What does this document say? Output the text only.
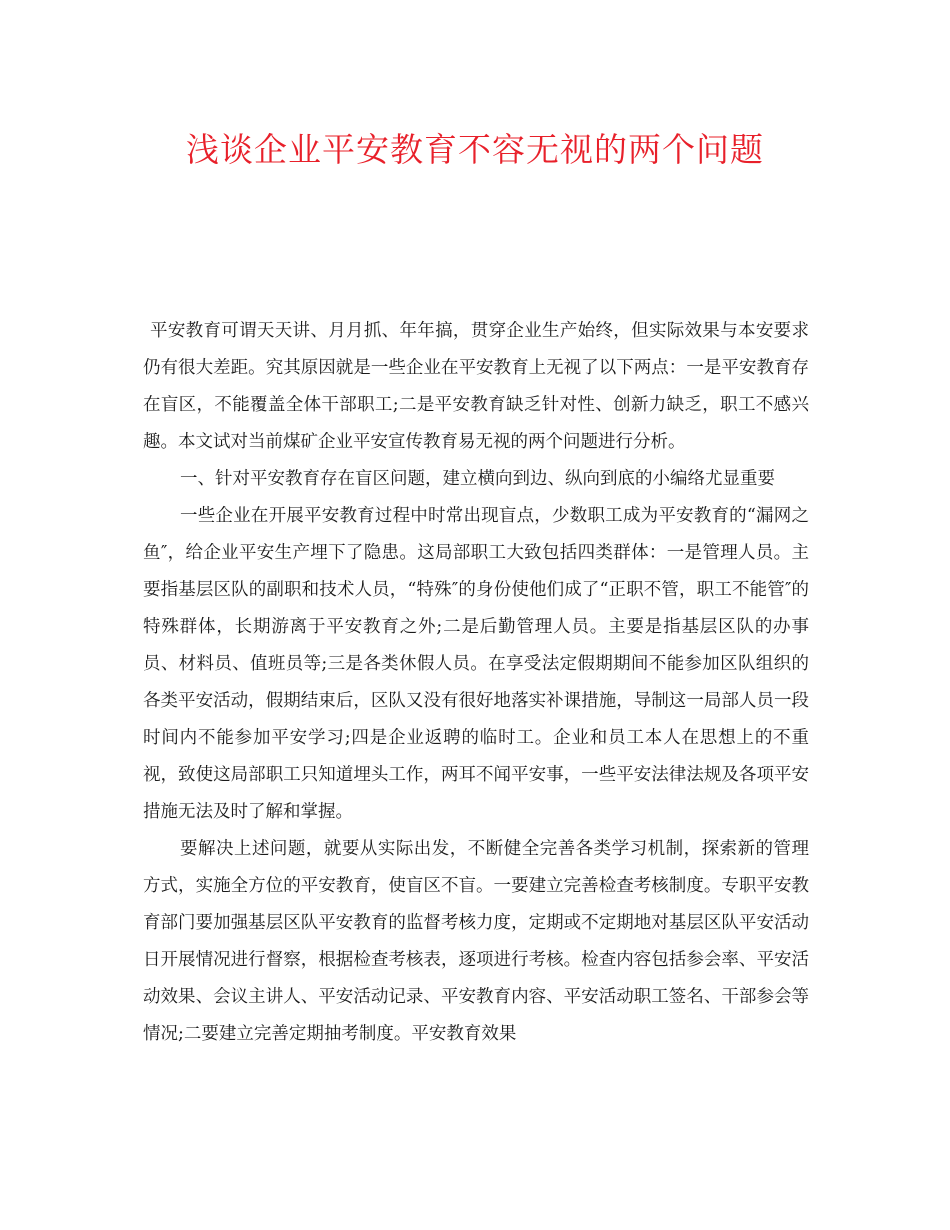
浅谈企业平安教育不容无视的两个问题

平安教育可谓天天讲、月月抓、年年搞，贯穿企业生产始终，但实际效果与本安要求仍有很大差距。究其原因就是一些企业在平安教育上无视了以下两点：一是平安教育存在盲区，不能覆盖全体干部职工;二是平安教育缺乏针对性、创新力缺乏，职工不感兴趣。本文试对当前煤矿企业平安宣传教育易无视的两个问题进行分析。

一、针对平安教育存在盲区问题，建立横向到边、纵向到底的小编络尤显重要

一些企业在开展平安教育过程中时常出现盲点，少数职工成为平安教育的“漏网之鱼″，给企业平安生产埋下了隐患。这局部职工大致包括四类群体：一是管理人员。主要指基层区队的副职和技术人员，“特殊″的身份使他们成了“正职不管，职工不能管″的特殊群体，长期游离于平安教育之外;二是后勤管理人员。主要是指基层区队的办事员、材料员、值班员等;三是各类休假人员。在享受法定假期期间不能参加区队组织的各类平安活动，假期结束后，区队又没有很好地落实补课措施，导制这一局部人员一段时间内不能参加平安学习;四是企业返聘的临时工。企业和员工本人在思想上的不重视，致使这局部职工只知道埋头工作，两耳不闻平安事，一些平安法律法规及各项平安措施无法及时了解和掌握。

要解决上述问题，就要从实际出发，不断健全完善各类学习机制，探索新的管理方式，实施全方位的平安教育，使盲区不盲。一要建立完善检查考核制度。专职平安教育部门要加强基层区队平安教育的监督考核力度，定期或不定期地对基层区队平安活动日开展情况进行督察，根据检查考核表，逐项进行考核。检查内容包括参会率、平安活动效果、会议主讲人、平安活动记录、平安教育内容、平安活动职工签名、干部参会等情况;二要建立完善定期抽考制度。平安教育效果
